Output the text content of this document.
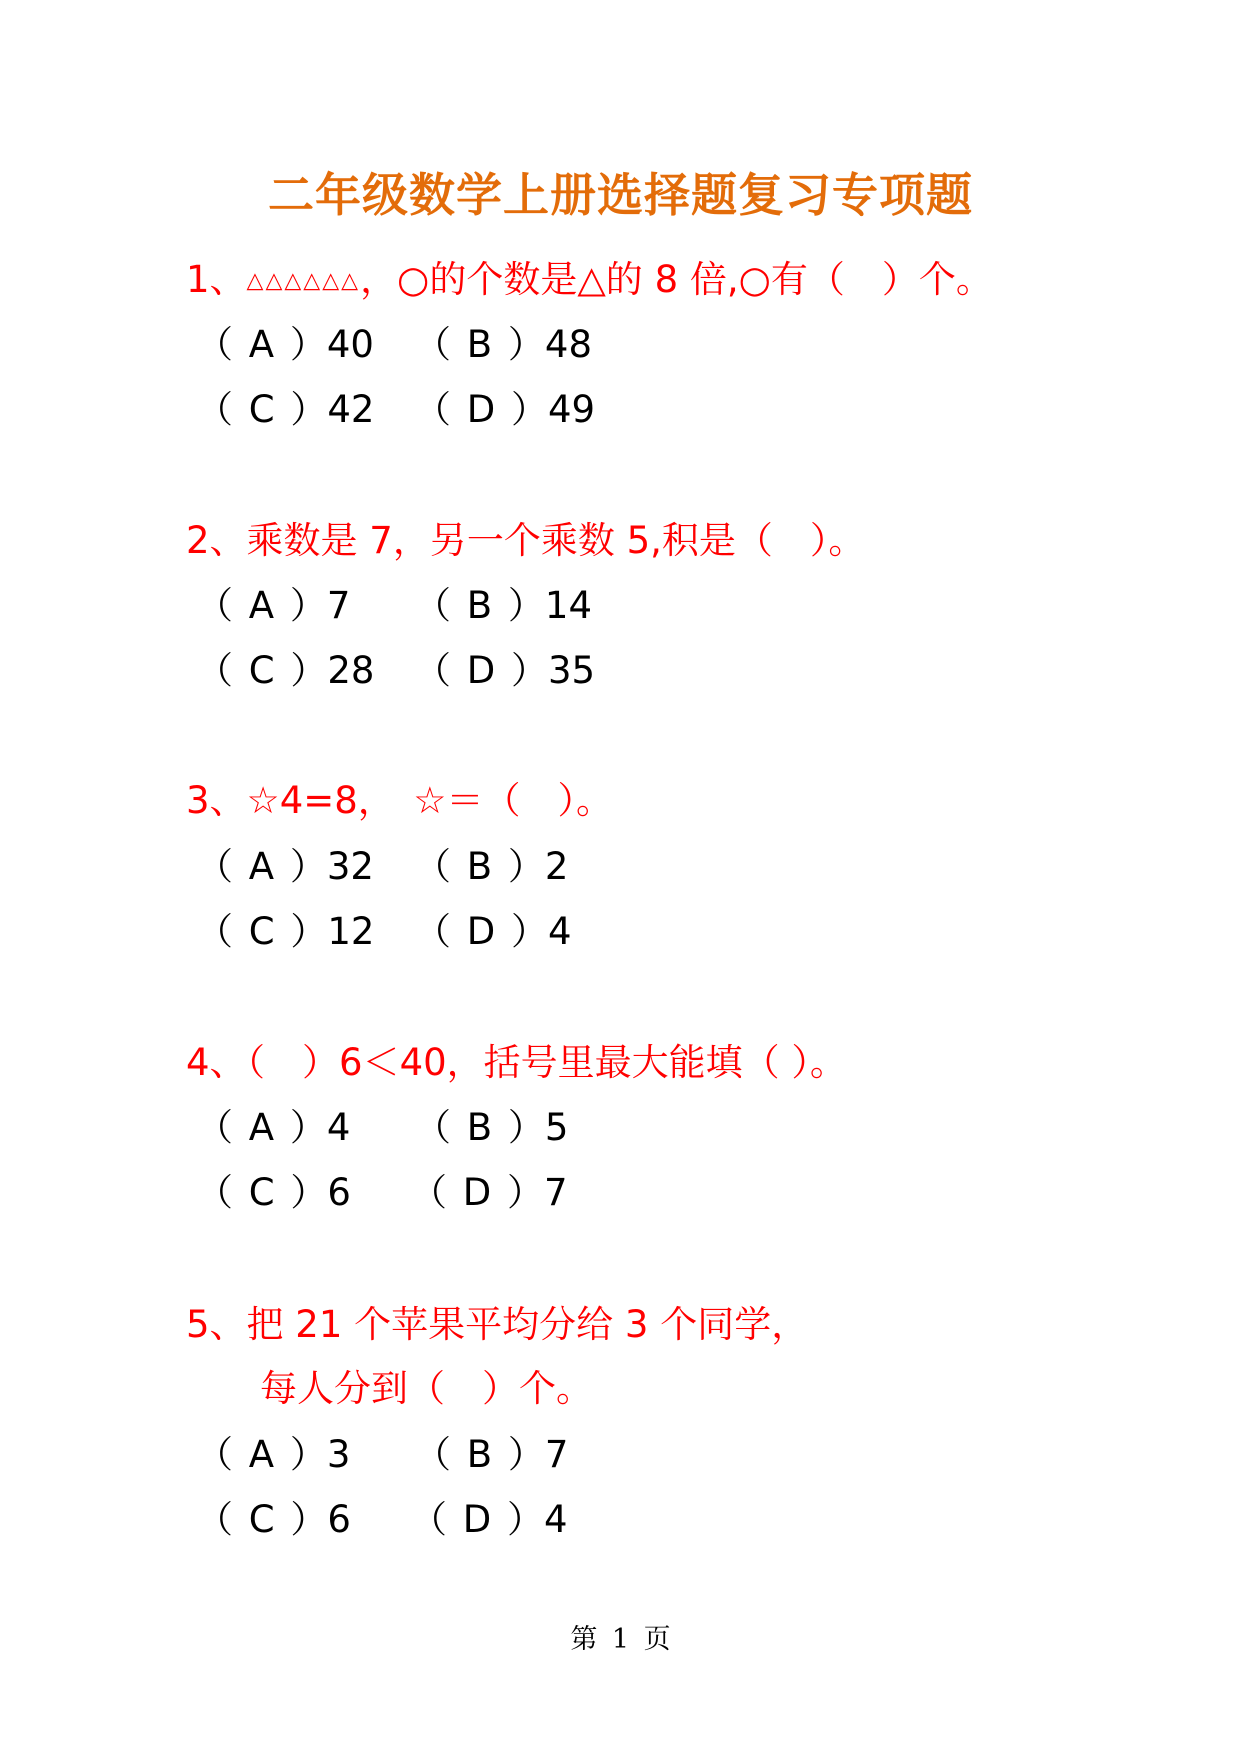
二年级数学上册选择题复习专项题
1、△△△△△△，○的个数是△的 8 倍,○有（　）个。
（ A ）40 （ B ）48
（ C ）42 （ D ）49
2、乘数是 7，另一个乘数 5,积是（　）。
（ A ）7 （ B ）14
（ C ）28 （ D ）35
3、☆4=8，　☆＝（　）。
（ A ）32 （ B ）2
（ C ）12 （ D ）4
4、（　）6＜40，括号里最大能填（ ）。
（ A ）4 （ B ）5
（ C ）6 （ D ）7
5、把 21 个苹果平均分给 3 个同学，
每人分到（　）个。
（ A ）3 （ B ）7
（ C ）6 （ D ）4
第 1 页
